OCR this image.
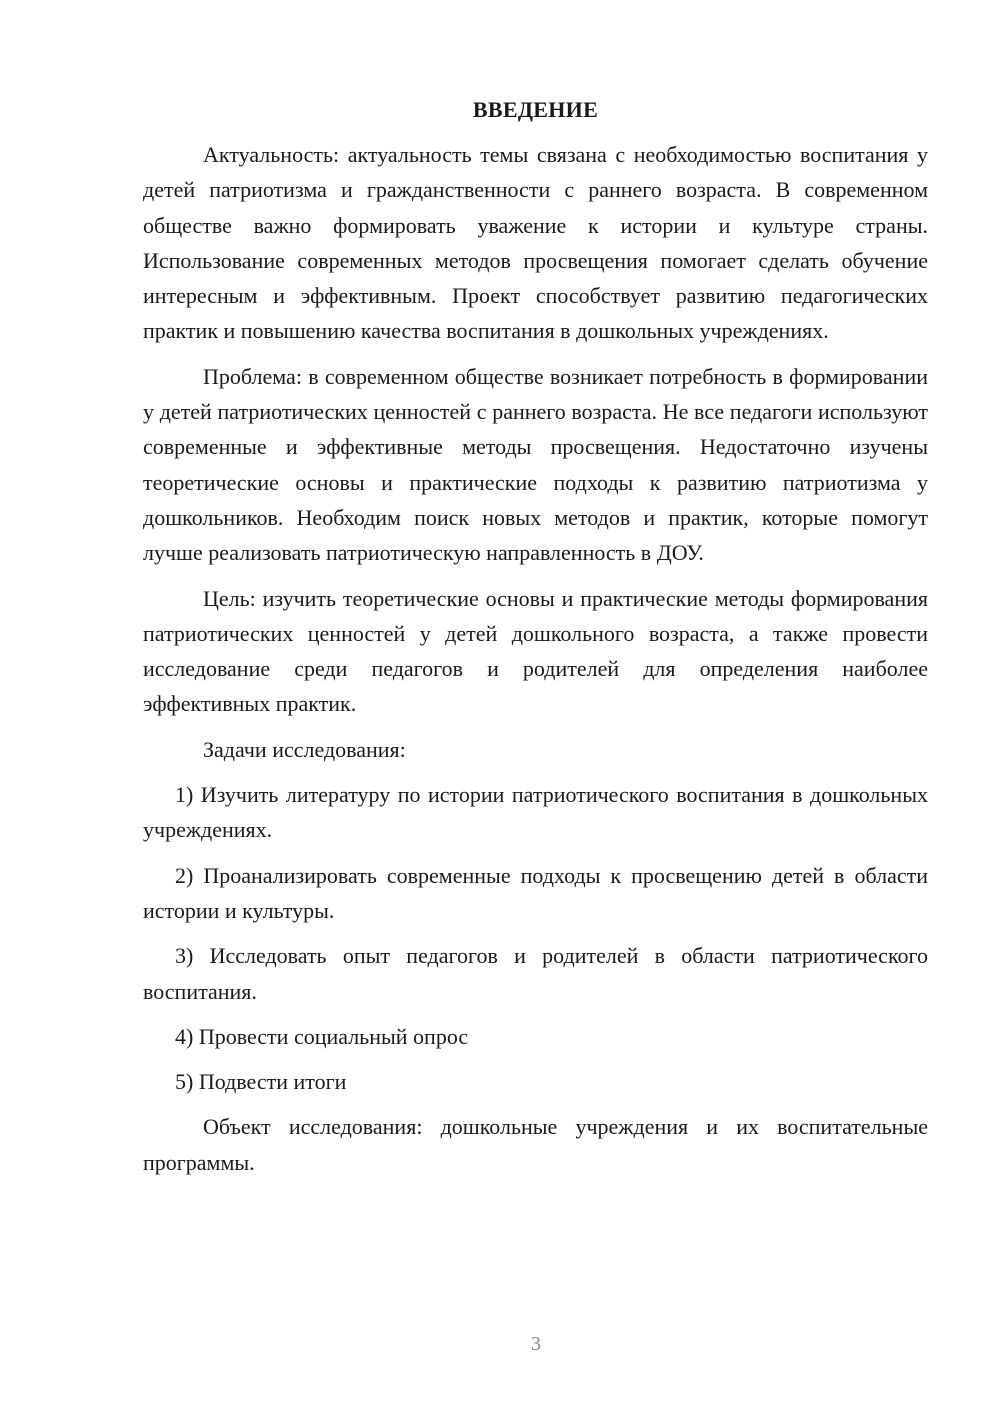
ВВЕДЕНИЕ

Актуальность: актуальность темы связана с необходимостью воспитания у детей патриотизма и гражданственности с раннего возраста. В современном обществе важно формировать уважение к истории и культуре страны. Использование современных методов просвещения помогает сделать обучение интересным и эффективным. Проект способствует развитию педагогических практик и повышению качества воспитания в дошкольных учреждениях.

Проблема: в современном обществе возникает потребность в формировании у детей патриотических ценностей с раннего возраста. Не все педагоги используют современные и эффективные методы просвещения. Недостаточно изучены теоретические основы и практические подходы к развитию патриотизма у дошкольников. Необходим поиск новых методов и практик, которые помогут лучше реализовать патриотическую направленность в ДОУ.

Цель: изучить теоретические основы и практические методы формирования патриотических ценностей у детей дошкольного возраста, а также провести исследование среди педагогов и родителей для определения наиболее эффективных практик.

Задачи исследования:

1) Изучить литературу по истории патриотического воспитания в дошкольных учреждениях.

2) Проанализировать современные подходы к просвещению детей в области истории и культуры.

3) Исследовать опыт педагогов и родителей в области патриотического воспитания.

4) Провести социальный опрос

5) Подвести итоги

Объект исследования: дошкольные учреждения и их воспитательные программы.

3
